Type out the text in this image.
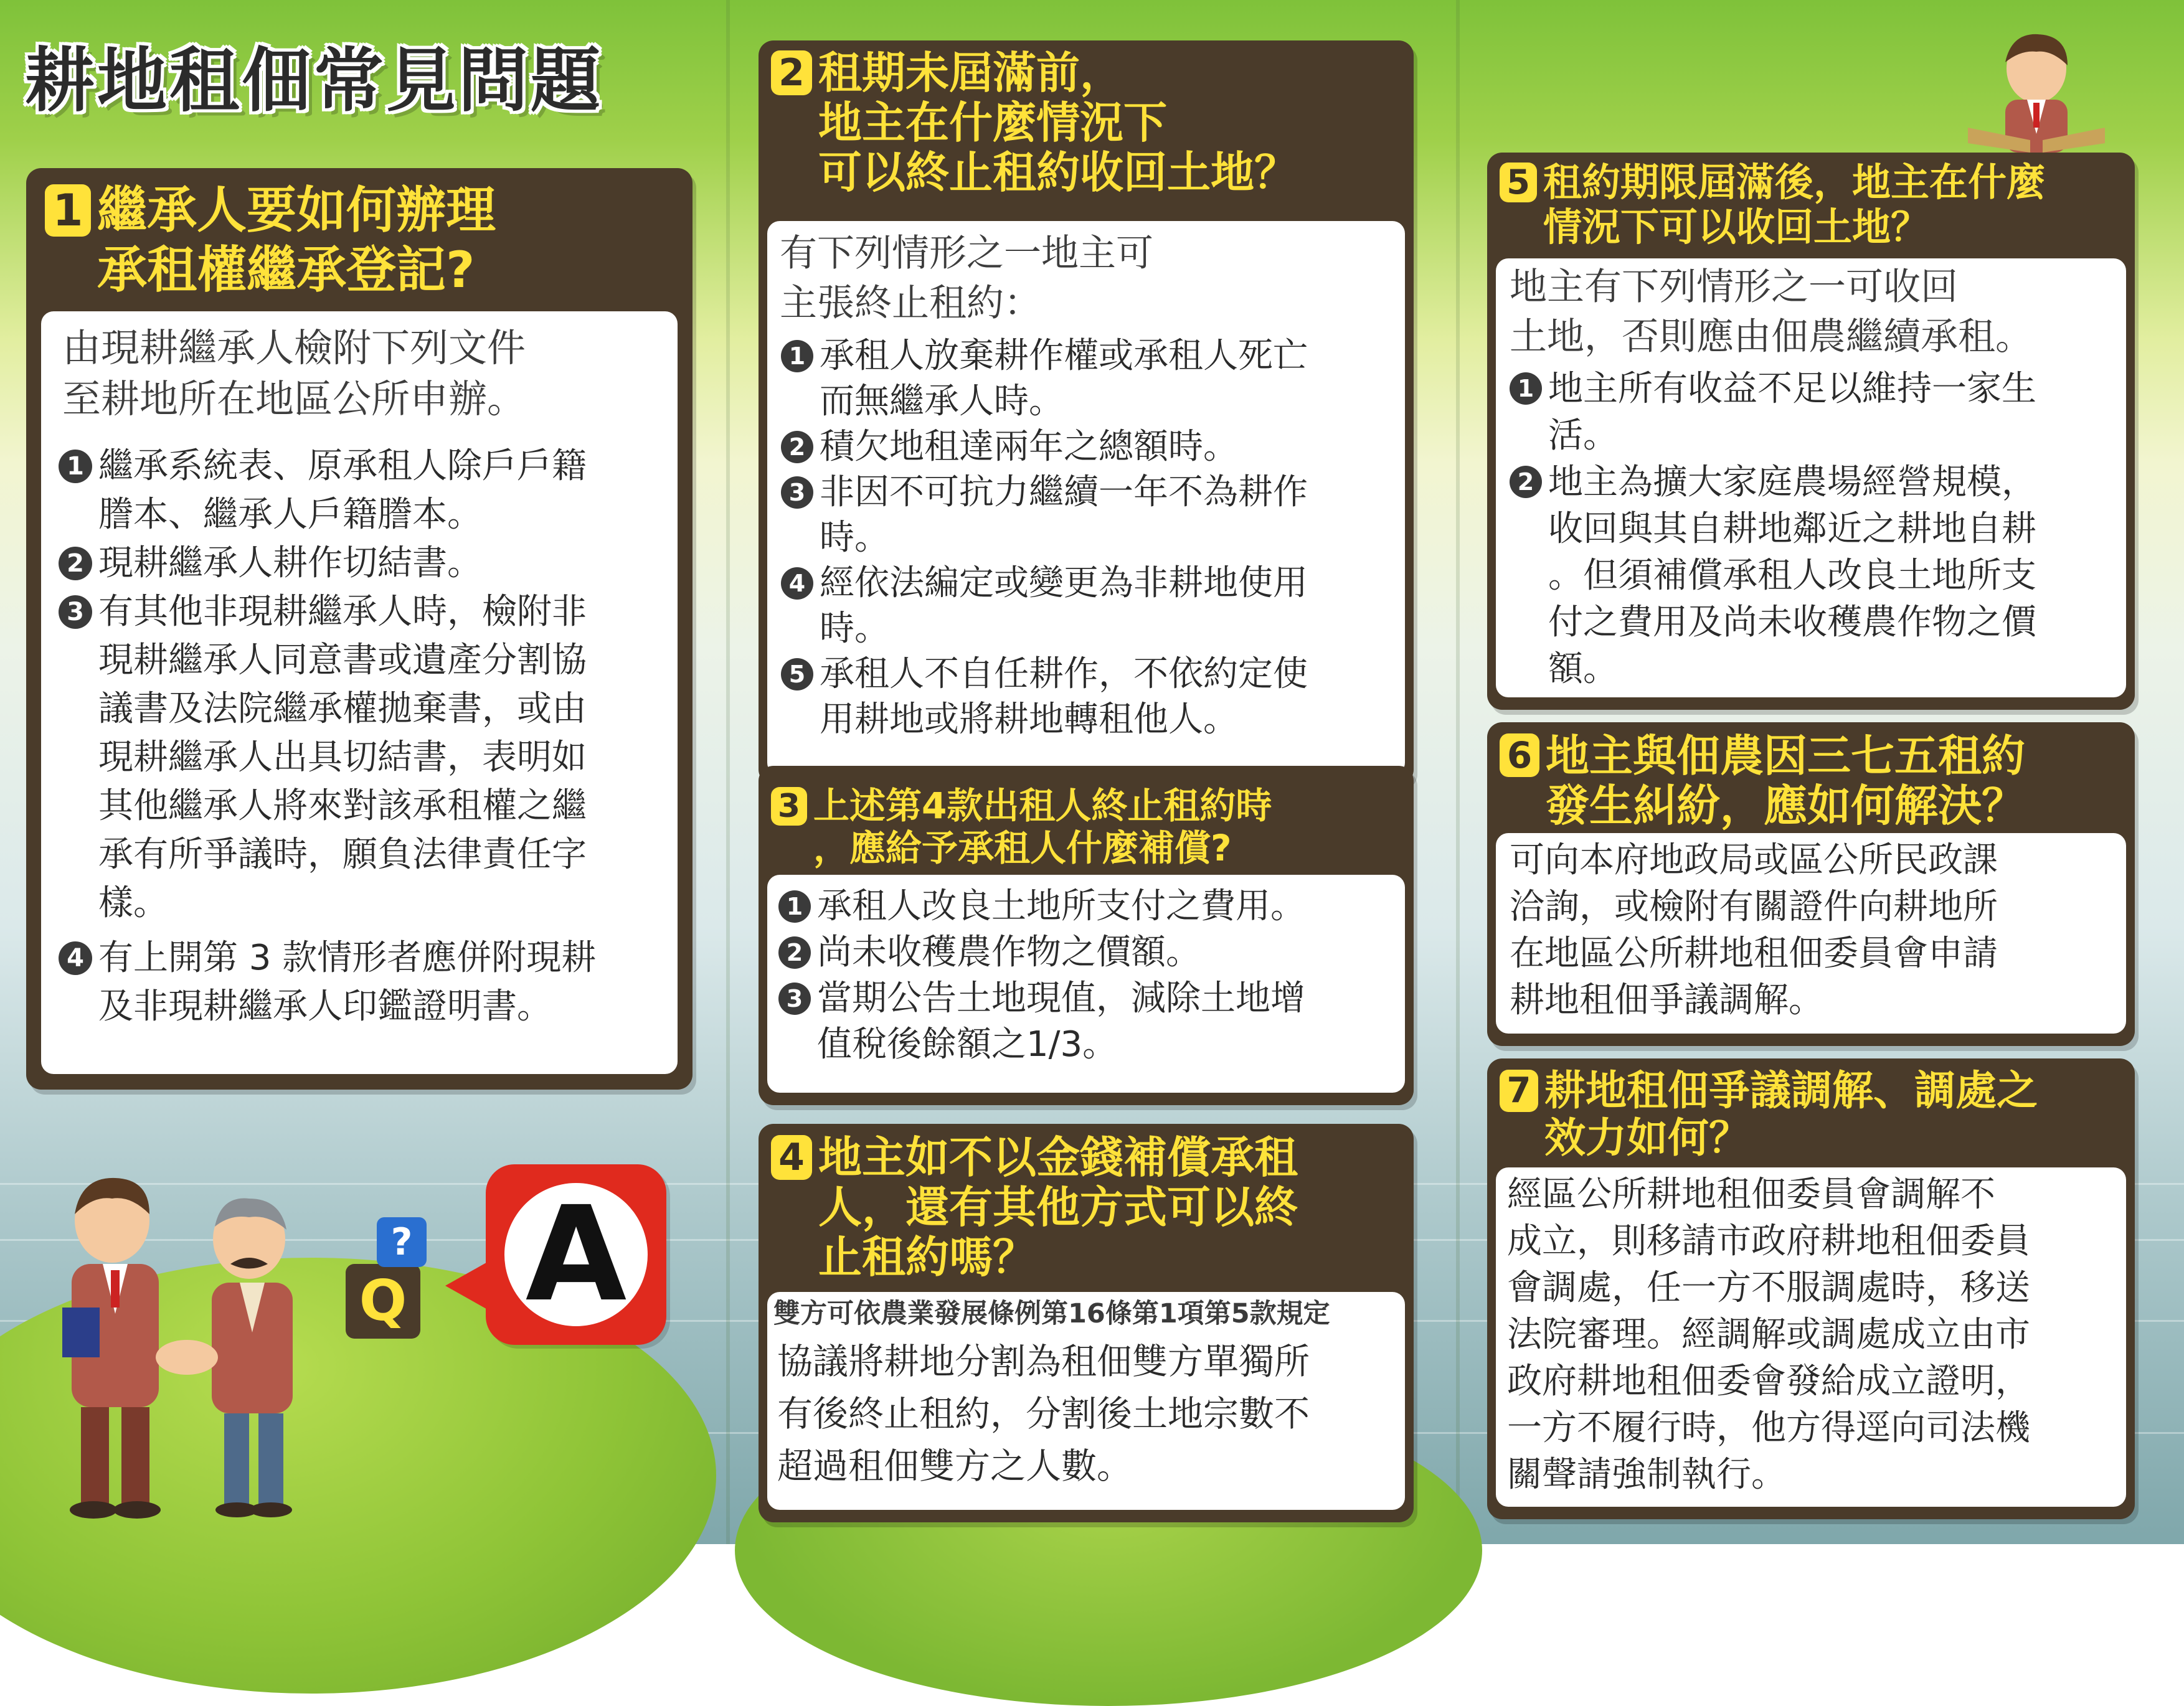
耕地租佃常見問題
1 繼承人要如何辦理
承租權繼承登記?
由現耕繼承人檢附下列文件
至耕地所在地區公所申辦。
1 繼承系統表、原承租人除戶戶籍
謄本、繼承人戶籍謄本。
2 現耕繼承人耕作切結書。
3 有其他非現耕繼承人時，檢附非
現耕繼承人同意書或遺產分割協
議書及法院繼承權拋棄書，或由
現耕繼承人出具切結書，表明如
其他繼承人將來對該承租權之繼
承有所爭議時，願負法律責任字
樣。
4 有上開第 3 款情形者應併附現耕
及非現耕繼承人印鑑證明書。
2 租期未屆滿前，
地主在什麼情況下
可以終止租約收回土地？
有下列情形之一地主可
主張終止租約：
1 承租人放棄耕作權或承租人死亡
而無繼承人時。
2 積欠地租達兩年之總額時。
3 非因不可抗力繼續一年不為耕作
時。
4 經依法編定或變更為非耕地使用
時。
5 承租人不自任耕作，不依約定使
用耕地或將耕地轉租他人。
3 上述第4款出租人終止租約時
，應給予承租人什麼補償?
1 承租人改良土地所支付之費用。
2 尚未收穫農作物之價額。
3 當期公告土地現值，減除土地增
值稅後餘額之1/3。
4 地主如不以金錢補償承租
人，還有其他方式可以終
止租約嗎？
雙方可依農業發展條例第16條第1項第5款規定
協議將耕地分割為租佃雙方單獨所
有後終止租約，分割後土地宗數不
超過租佃雙方之人數。
5 租約期限屆滿後，地主在什麼
情況下可以收回土地？
地主有下列情形之一可收回
土地，否則應由佃農繼續承租。
1 地主所有收益不足以維持一家生
活。
2 地主為擴大家庭農場經營規模，
收回與其自耕地鄰近之耕地自耕
。但須補償承租人改良土地所支
付之費用及尚未收穫農作物之價
額。
6 地主與佃農因三七五租約
發生糾紛，應如何解決？
可向本府地政局或區公所民政課
洽詢，或檢附有關證件向耕地所
在地區公所耕地租佃委員會申請
耕地租佃爭議調解。
7 耕地租佃爭議調解、調處之
效力如何？
經區公所耕地租佃委員會調解不
成立，則移請市政府耕地租佃委員
會調處，任一方不服調處時，移送
法院審理。經調解或調處成立由市
政府耕地租佃委會發給成立證明，
一方不履行時，他方得逕向司法機
關聲請強制執行。
Q
? A
